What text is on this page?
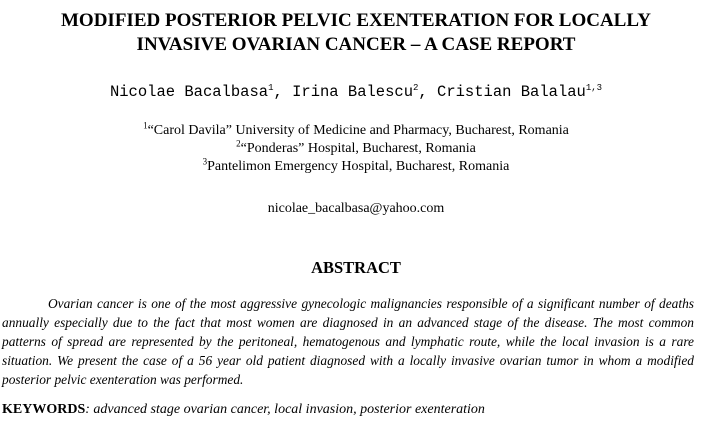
MODIFIED POSTERIOR PELVIC EXENTERATION FOR LOCALLY
INVASIVE OVARIAN CANCER – A CASE REPORT
Nicolae Bacalbasa$^1$, Irina Balescu$^2$, Cristian Balalau$^{1,3}$
$^1$“Carol Davila” University of Medicine and Pharmacy, Bucharest, Romania
$^2$“Ponderas” Hospital, Bucharest, Romania
$^3$Pantelimon Emergency Hospital, Bucharest, Romania
nicolae_bacalbasa@yahoo.com
ABSTRACT
Ovarian cancer is one of the most aggressive gynecologic malignancies responsible of a significant number of deaths annually especially due to the fact that most women are diagnosed in an advanced stage of the disease. The most common patterns of spread are represented by the peritoneal, hematogenous and lymphatic route, while the local invasion is a rare situation. We present the case of a 56 year old patient diagnosed with a locally invasive ovarian tumor in whom a modified posterior pelvic exenteration was performed.
KEYWORDS: advanced stage ovarian cancer, local invasion, posterior exenteration
